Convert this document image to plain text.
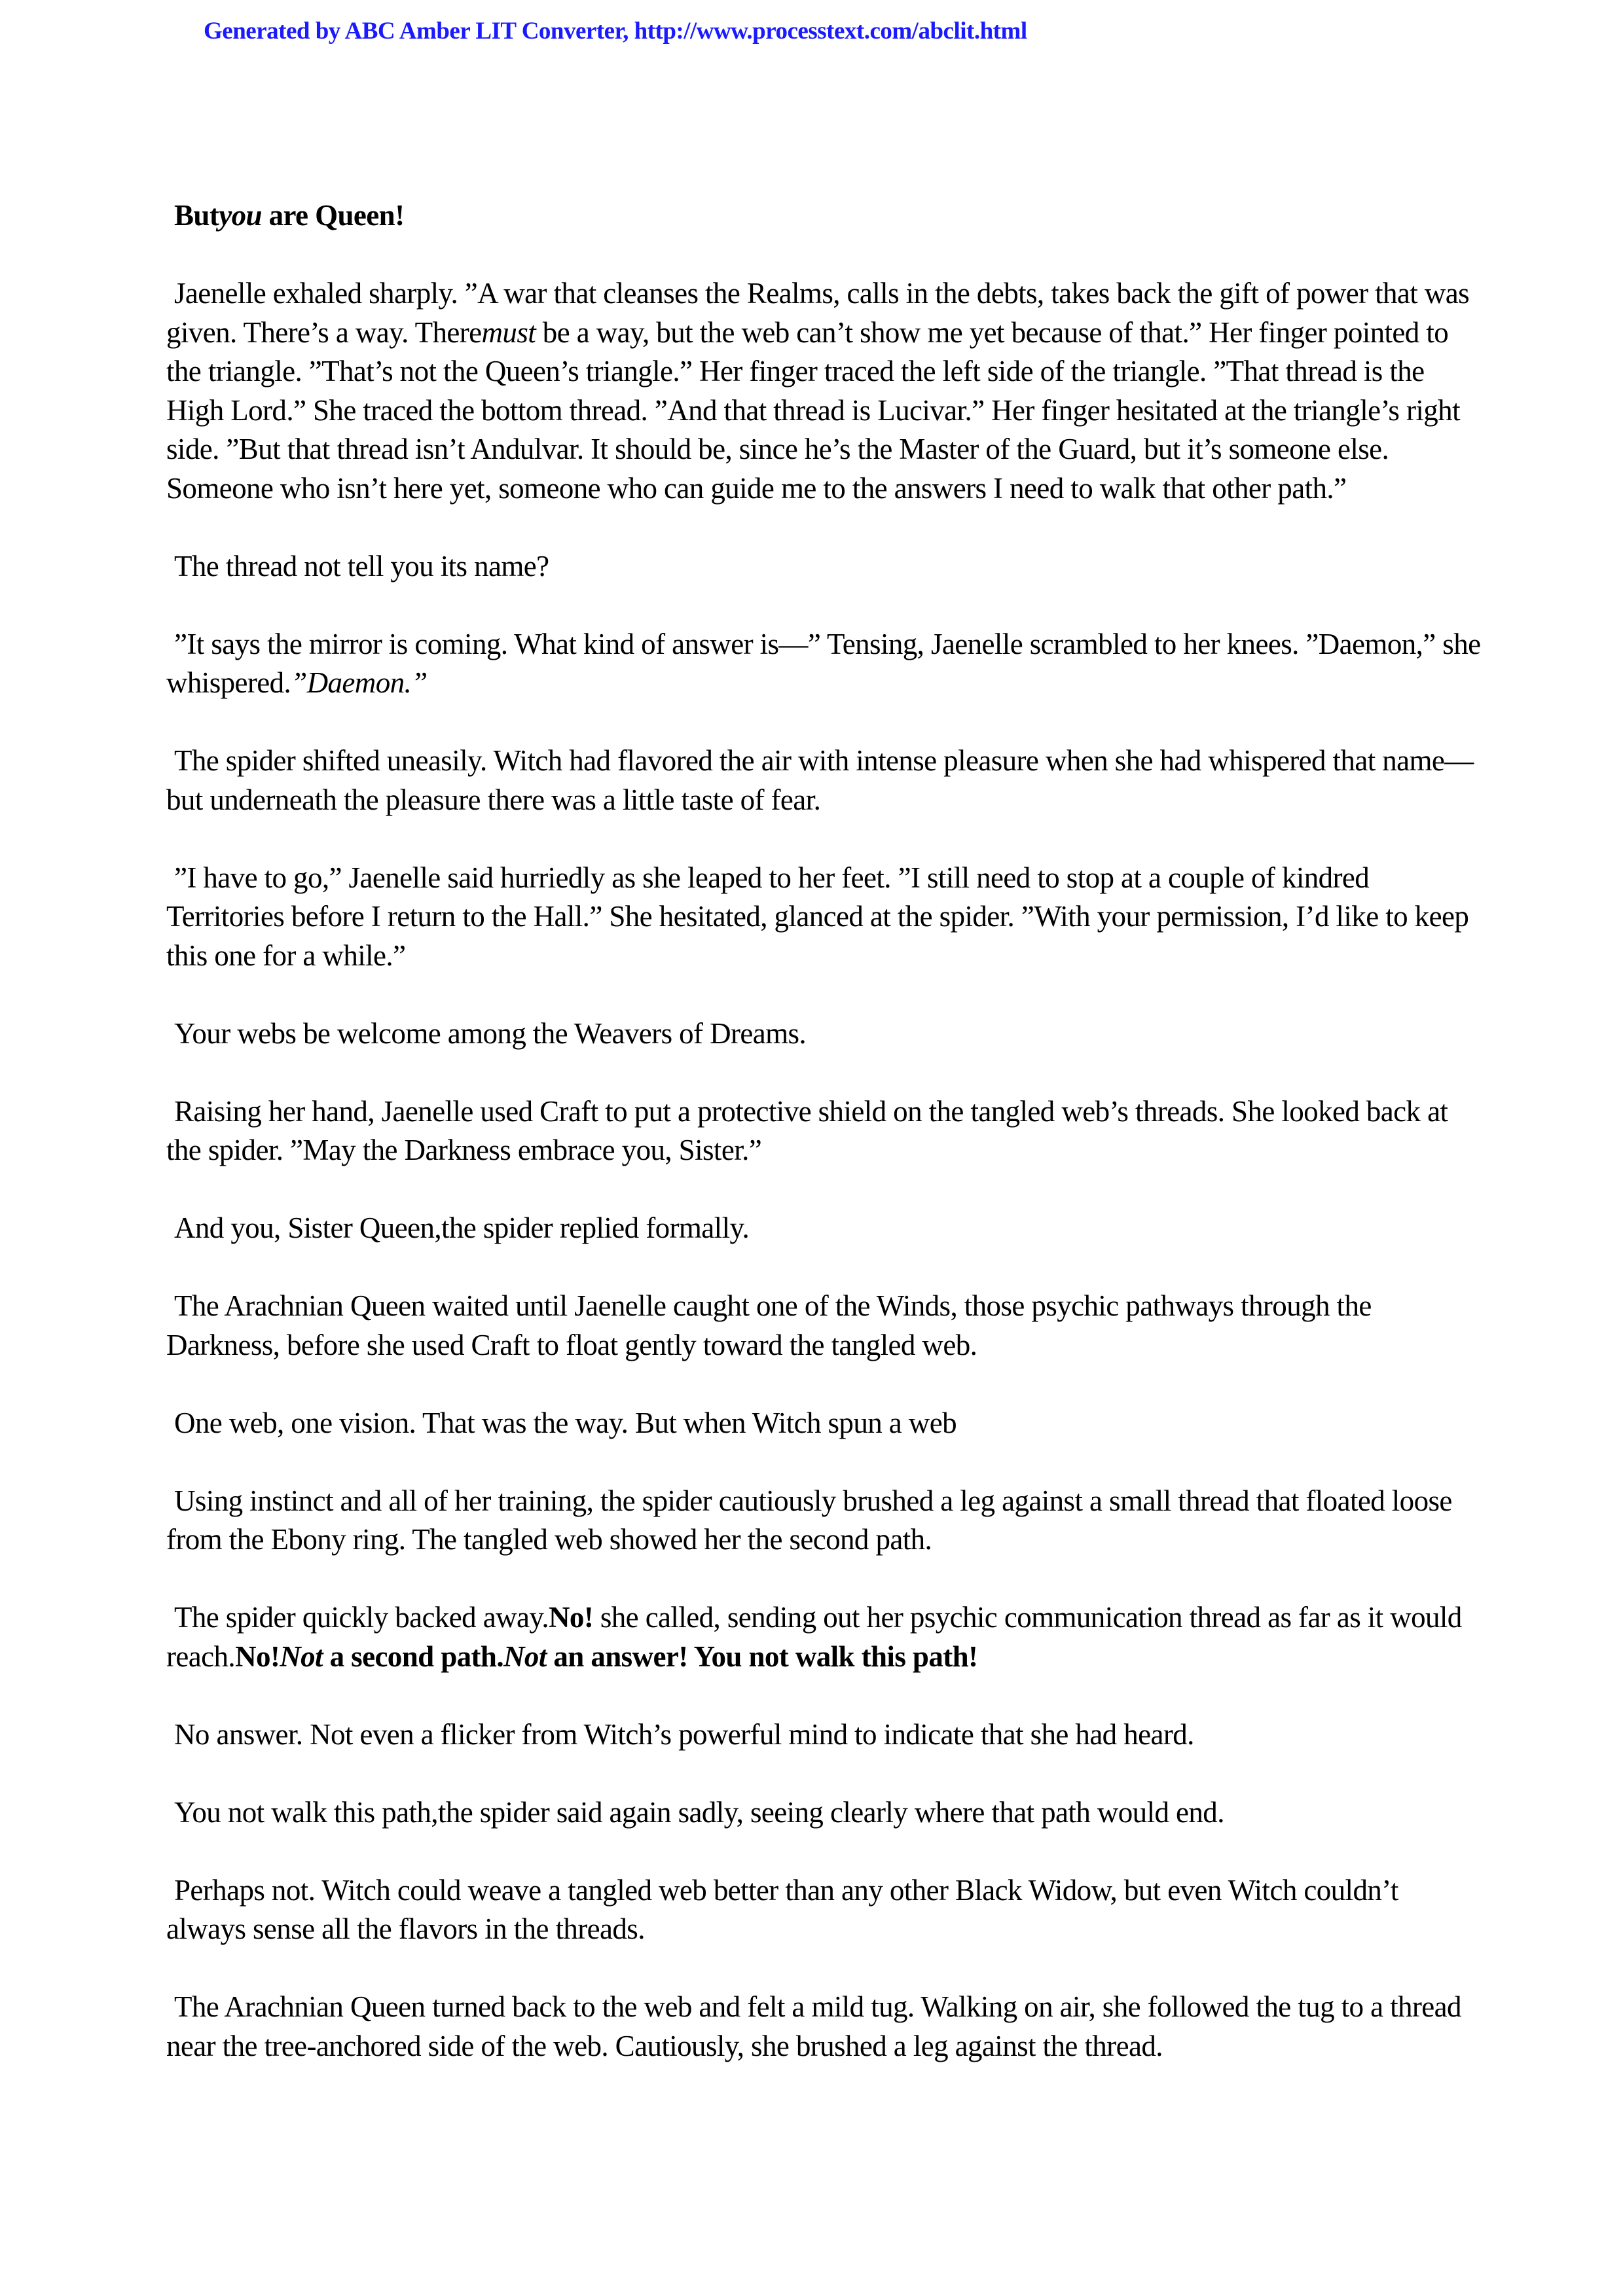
Generated by ABC Amber LIT Converter, http://www.processtext.com/abclit.html

Butyou are Queen!

Jaenelle exhaled sharply. ”A war that cleanses the Realms, calls in the debts, takes back the gift of power that was given. There’s a way. Theremust be a way, but the web can’t show me yet because of that.” Her finger pointed to the triangle. ”That’s not the Queen’s triangle.” Her finger traced the left side of the triangle. ”That thread is the High Lord.” She traced the bottom thread. ”And that thread is Lucivar.” Her finger hesitated at the triangle’s right side. ”But that thread isn’t Andulvar. It should be, since he’s the Master of the Guard, but it’s someone else. Someone who isn’t here yet, someone who can guide me to the answers I need to walk that other path.”

The thread not tell you its name?

”It says the mirror is coming. What kind of answer is—” Tensing, Jaenelle scrambled to her knees. ”Daemon,” she whispered.”Daemon.”

The spider shifted uneasily. Witch had flavored the air with intense pleasure when she had whispered that name— but underneath the pleasure there was a little taste of fear.

”I have to go,” Jaenelle said hurriedly as she leaped to her feet. ”I still need to stop at a couple of kindred Territories before I return to the Hall.” She hesitated, glanced at the spider. ”With your permission, I’d like to keep this one for a while.”

Your webs be welcome among the Weavers of Dreams.

Raising her hand, Jaenelle used Craft to put a protective shield on the tangled web’s threads. She looked back at the spider. ”May the Darkness embrace you, Sister.”

And you, Sister Queen,the spider replied formally.

The Arachnian Queen waited until Jaenelle caught one of the Winds, those psychic pathways through the Darkness, before she used Craft to float gently toward the tangled web.

One web, one vision. That was the way. But when Witch spun a web

Using instinct and all of her training, the spider cautiously brushed a leg against a small thread that floated loose from the Ebony ring. The tangled web showed her the second path.

The spider quickly backed away.No! she called, sending out her psychic communication thread as far as it would reach.No!Not a second path.Not an answer! You not walk this path!

No answer. Not even a flicker from Witch’s powerful mind to indicate that she had heard.

You not walk this path,the spider said again sadly, seeing clearly where that path would end.

Perhaps not. Witch could weave a tangled web better than any other Black Widow, but even Witch couldn’t always sense all the flavors in the threads.

The Arachnian Queen turned back to the web and felt a mild tug. Walking on air, she followed the tug to a thread near the tree-anchored side of the web. Cautiously, she brushed a leg against the thread.
